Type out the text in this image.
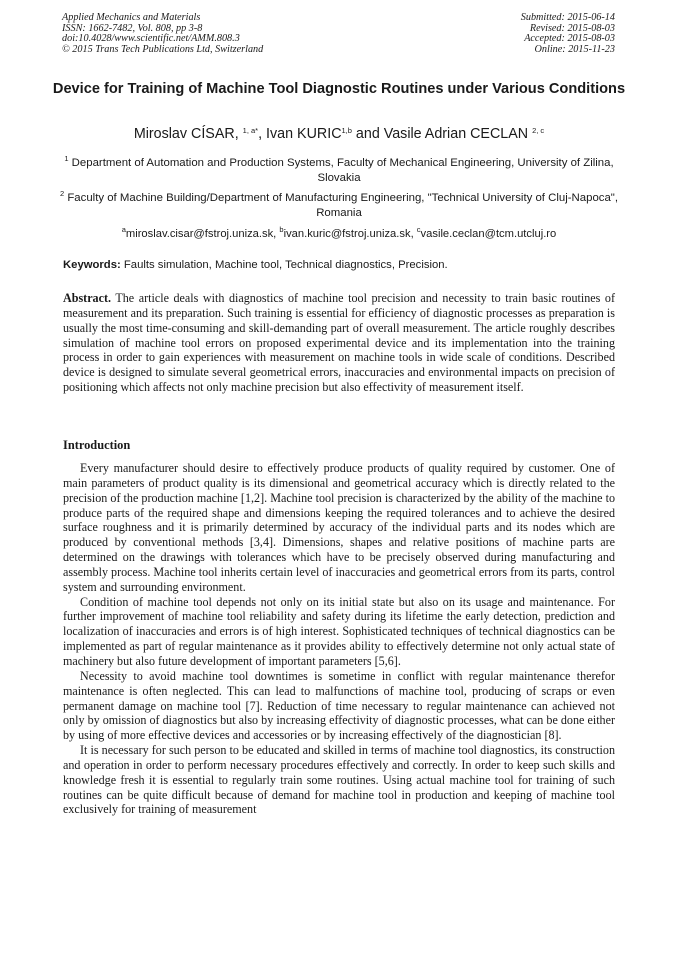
Applied Mechanics and Materials
ISSN: 1662-7482, Vol. 808, pp 3-8
doi:10.4028/www.scientific.net/AMM.808.3
© 2015 Trans Tech Publications Ltd, Switzerland
Submitted: 2015-06-14
Revised: 2015-08-03
Accepted: 2015-08-03
Online: 2015-11-23
Device for Training of Machine Tool Diagnostic Routines under Various Conditions
Miroslav CÍSAR, $^{1, a*}$, Ivan KURIC$^{1,b}$ and Vasile Adrian CECLAN $^{2, c}$
$^1$ Department of Automation and Production Systems, Faculty of Mechanical Engineering, University of Zilina, Slovakia
$^2$ Faculty of Machine Building/Department of Manufacturing Engineering, "Technical University of Cluj-Napoca", Romania
$^a$miroslav.cisar@fstroj.uniza.sk, $^b$ivan.kuric@fstroj.uniza.sk, $^c$vasile.ceclan@tcm.utcluj.ro
Keywords: Faults simulation, Machine tool, Technical diagnostics, Precision.
Abstract. The article deals with diagnostics of machine tool precision and necessity to train basic routines of measurement and its preparation. Such training is essential for efficiency of diagnostic processes as preparation is usually the most time-consuming and skill-demanding part of overall measurement. The article roughly describes simulation of machine tool errors on proposed experimental device and its implementation into the training process in order to gain experiences with measurement on machine tools in wide scale of conditions. Described device is designed to simulate several geometrical errors, inaccuracies and environmental impacts on precision of positioning which affects not only machine precision but also effectivity of measurement itself.
Introduction

Every manufacturer should desire to effectively produce products of quality required by customer. One of main parameters of product quality is its dimensional and geometrical accuracy which is directly related to the precision of the production machine [1,2]. Machine tool precision is characterized by the ability of the machine to produce parts of the required shape and dimensions keeping the required tolerances and to achieve the desired surface roughness and it is primarily determined by accuracy of the individual parts and its nodes which are produced by conventional methods [3,4]. Dimensions, shapes and relative positions of machine parts are determined on the drawings with tolerances which have to be precisely observed during manufacturing and assembly process. Machine tool inherits certain level of inaccuracies and geometrical errors from its parts, control system and surrounding environment.

Condition of machine tool depends not only on its initial state but also on its usage and maintenance. For further improvement of machine tool reliability and safety during its lifetime the early detection, prediction and localization of inaccuracies and errors is of high interest. Sophisticated techniques of technical diagnostics can be implemented as part of regular maintenance as it provides ability to effectively determine not only actual state of machinery but also future development of important parameters [5,6].

Necessity to avoid machine tool downtimes is sometime in conflict with regular maintenance therefor maintenance is often neglected. This can lead to malfunctions of machine tool, producing of scraps or even permanent damage on machine tool [7]. Reduction of time necessary to regular maintenance can achieved not only by omission of diagnostics but also by increasing effectivity of diagnostic processes, what can be done either by using of more effective devices and accessories or by increasing effectively of the diagnostician [8].

It is necessary for such person to be educated and skilled in terms of machine tool diagnostics, its construction and operation in order to perform necessary procedures effectively and correctly. In order to keep such skills and knowledge fresh it is essential to regularly train some routines. Using actual machine tool for training of such routines can be quite difficult because of demand for machine tool in production and keeping of machine tool exclusively for training of measurement
